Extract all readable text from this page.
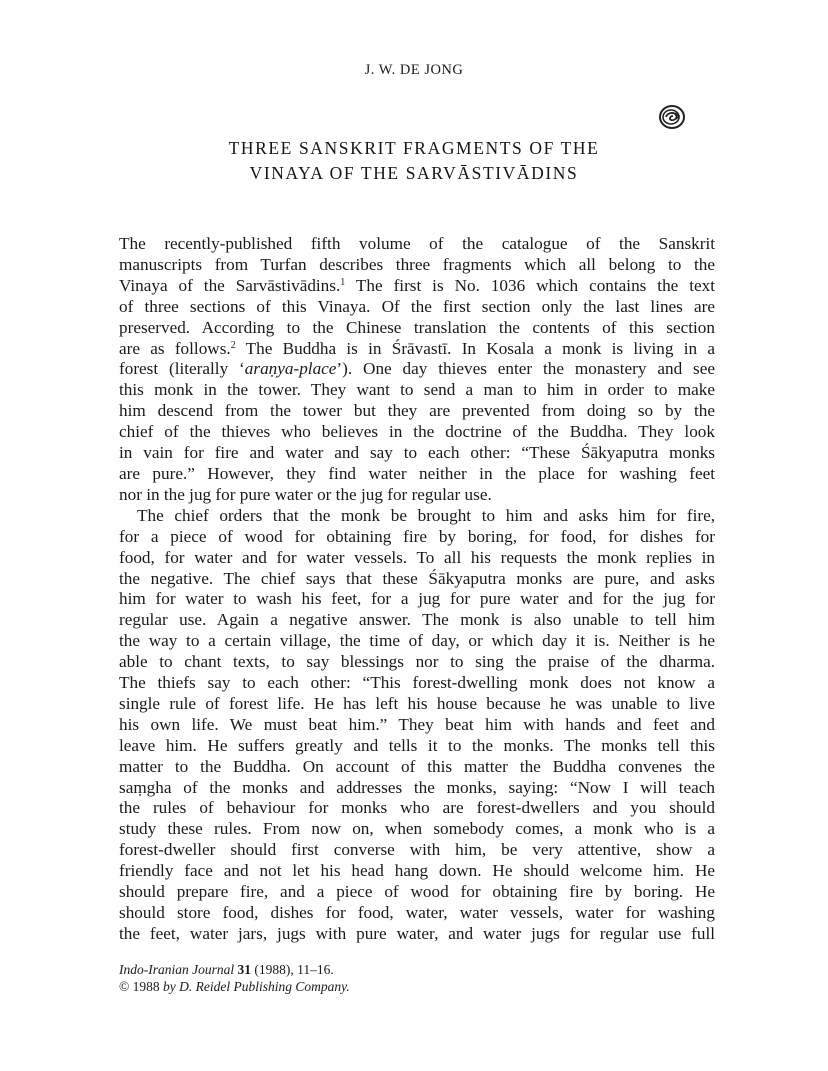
J. W. DE JONG
THREE SANSKRIT FRAGMENTS OF THE
VINAYA OF THE SARVĀSTIVĀDINS
The recently-published fifth volume of the catalogue of the Sanskrit
manuscripts from Turfan describes three fragments which all belong to the
Vinaya of the Sarvāstivādins.$^1$ The first is No. 1036 which contains the text
of three sections of this Vinaya. Of the first section only the last lines are
preserved. According to the Chinese translation the contents of this section
are as follows.$^2$ The Buddha is in Śrāvastī. In Kosala a monk is living in a
forest (literally ‘araṇya-place’). One day thieves enter the monastery and see
this monk in the tower. They want to send a man to him in order to make
him descend from the tower but they are prevented from doing so by the
chief of the thieves who believes in the doctrine of the Buddha. They look
in vain for fire and water and say to each other: “These Śākyaputra monks
are pure.” However, they find water neither in the place for washing feet
nor in the jug for pure water or the jug for regular use.
The chief orders that the monk be brought to him and asks him for fire,
for a piece of wood for obtaining fire by boring, for food, for dishes for
food, for water and for water vessels. To all his requests the monk replies in
the negative. The chief says that these Śākyaputra monks are pure, and asks
him for water to wash his feet, for a jug for pure water and for the jug for
regular use. Again a negative answer. The monk is also unable to tell him
the way to a certain village, the time of day, or which day it is. Neither is he
able to chant texts, to say blessings nor to sing the praise of the dharma.
The thiefs say to each other: “This forest-dwelling monk does not know a
single rule of forest life. He has left his house because he was unable to live
his own life. We must beat him.” They beat him with hands and feet and
leave him. He suffers greatly and tells it to the monks. The monks tell this
matter to the Buddha. On account of this matter the Buddha convenes the
saṃgha of the monks and addresses the monks, saying: “Now I will teach
the rules of behaviour for monks who are forest-dwellers and you should
study these rules. From now on, when somebody comes, a monk who is a
forest-dweller should first converse with him, be very attentive, show a
friendly face and not let his head hang down. He should welcome him. He
should prepare fire, and a piece of wood for obtaining fire by boring. He
should store food, dishes for food, water, water vessels, water for washing
the feet, water jars, jugs with pure water, and water jugs for regular use full
Indo-Iranian Journal 31 (1988), 11–16.
© 1988 by D. Reidel Publishing Company.
